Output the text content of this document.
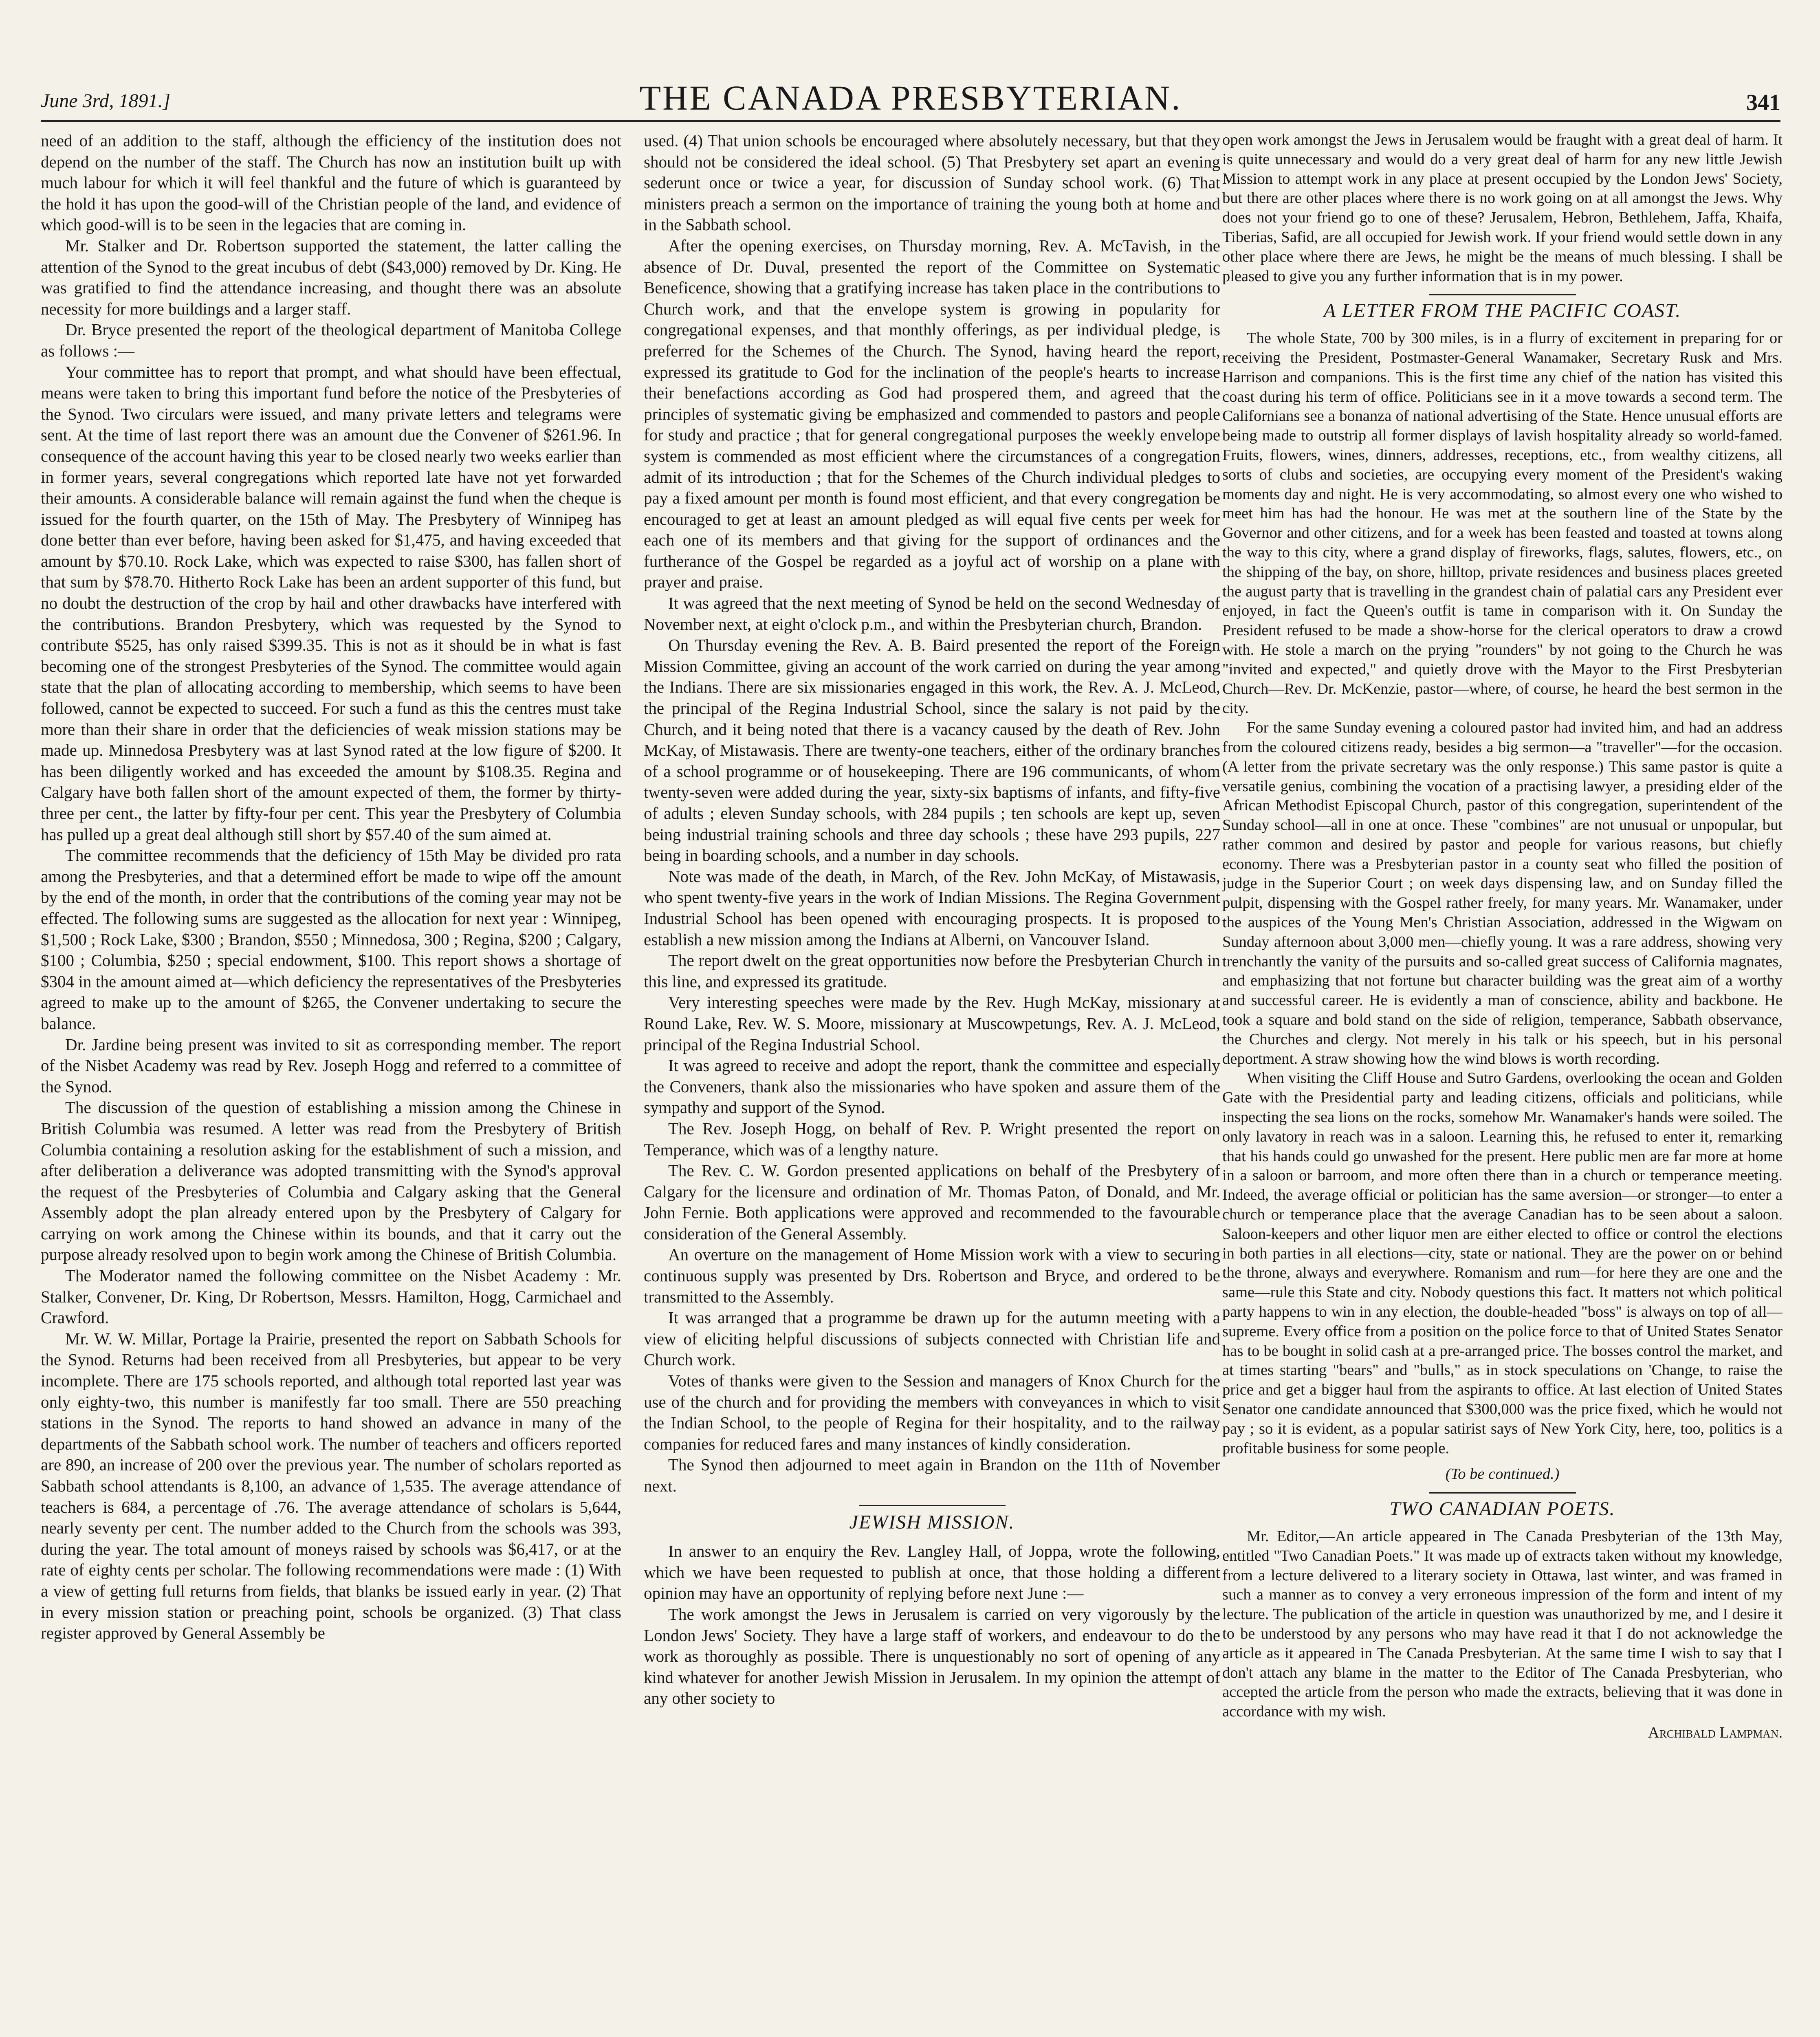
June 3rd, 1891.]	THE CANADA PRESBYTERIAN.	341

need of an addition to the staff, although the efficiency of the institution does not depend on the number of the staff. The Church has now an institution built up with much labour for which it will feel thankful and the future of which is guaranteed by the hold it has upon the good-will of the Christian people of the land, and evidence of which good-will is to be seen in the legacies that are coming in.

Mr. Stalker and Dr. Robertson supported the statement, the latter calling the attention of the Synod to the great incubus of debt ($43,000) removed by Dr. King. He was gratified to find the attendance increasing, and thought there was an absolute necessity for more buildings and a larger staff.

Dr. Bryce presented the report of the theological department of Manitoba College as follows :—

Your committee has to report that prompt, and what should have been effectual, means were taken to bring this important fund before the notice of the Presbyteries of the Synod. Two circulars were issued, and many private letters and telegrams were sent. At the time of last report there was an amount due the Convener of $261.96. In consequence of the account having this year to be closed nearly two weeks earlier than in former years, several congregations which reported late have not yet forwarded their amounts. A considerable balance will remain against the fund when the cheque is issued for the fourth quarter, on the 15th of May. The Presbytery of Winnipeg has done better than ever before, having been asked for $1,475, and having exceeded that amount by $70.10. Rock Lake, which was expected to raise $300, has fallen short of that sum by $78.70. Hitherto Rock Lake has been an ardent supporter of this fund, but no doubt the destruction of the crop by hail and other drawbacks have interfered with the contributions. Brandon Presbytery, which was requested by the Synod to contribute $525, has only raised $399.35. This is not as it should be in what is fast becoming one of the strongest Presbyteries of the Synod. The committee would again state that the plan of allocating according to membership, which seems to have been followed, cannot be expected to succeed. For such a fund as this the centres must take more than their share in order that the deficiencies of weak mission stations may be made up. Minnedosa Presbytery was at last Synod rated at the low figure of $200. It has been diligently worked and has exceeded the amount by $108.35. Regina and Calgary have both fallen short of the amount expected of them, the former by thirty-three per cent., the latter by fifty-four per cent. This year the Presbytery of Columbia has pulled up a great deal although still short by $57.40 of the sum aimed at.

The committee recommends that the deficiency of 15th May be divided pro rata among the Presbyteries, and that a determined effort be made to wipe off the amount by the end of the month, in order that the contributions of the coming year may not be effected. The following sums are suggested as the allocation for next year : Winnipeg, $1,500 ; Rock Lake, $300 ; Brandon, $550 ; Minnedosa, 300 ; Regina, $200 ; Calgary, $100 ; Columbia, $250 ; special endowment, $100. This report shows a shortage of $304 in the amount aimed at—which deficiency the representatives of the Presbyteries agreed to make up to the amount of $265, the Convener undertaking to secure the balance.

Dr. Jardine being present was invited to sit as corresponding member. The report of the Nisbet Academy was read by Rev. Joseph Hogg and referred to a committee of the Synod.

The discussion of the question of establishing a mission among the Chinese in British Columbia was resumed. A letter was read from the Presbytery of British Columbia containing a resolution asking for the establishment of such a mission, and after deliberation a deliverance was adopted transmitting with the Synod's approval the request of the Presbyteries of Columbia and Calgary asking that the General Assembly adopt the plan already entered upon by the Presbytery of Calgary for carrying on work among the Chinese within its bounds, and that it carry out the purpose already resolved upon to begin work among the Chinese of British Columbia.

The Moderator named the following committee on the Nisbet Academy : Mr. Stalker, Convener, Dr. King, Dr Robertson, Messrs. Hamilton, Hogg, Carmichael and Crawford.

Mr. W. W. Millar, Portage la Prairie, presented the report on Sabbath Schools for the Synod. Returns had been received from all Presbyteries, but appear to be very incomplete. There are 175 schools reported, and although total reported last year was only eighty-two, this number is manifestly far too small. There are 550 preaching stations in the Synod. The reports to hand showed an advance in many of the departments of the Sabbath school work. The number of teachers and officers reported are 890, an increase of 200 over the previous year. The number of scholars reported as Sabbath school attendants is 8,100, an advance of 1,535. The average attendance of teachers is 684, a percentage of .76. The average attendance of scholars is 5,644, nearly seventy per cent. The number added to the Church from the schools was 393, during the year. The total amount of moneys raised by schools was $6,417, or at the rate of eighty cents per scholar. The following recommendations were made : (1) With a view of getting full returns from fields, that blanks be issued early in year. (2) That in every mission station or preaching point, schools be organized. (3) That class register approved by General Assembly be

used. (4) That union schools be encouraged where absolutely necessary, but that they should not be considered the ideal school. (5) That Presbytery set apart an evening sederunt once or twice a year, for discussion of Sunday school work. (6) That ministers preach a sermon on the importance of training the young both at home and in the Sabbath school.

After the opening exercises, on Thursday morning, Rev. A. McTavish, in the absence of Dr. Duval, presented the report of the Committee on Systematic Beneficence, showing that a gratifying increase has taken place in the contributions to Church work, and that the envelope system is growing in popularity for congregational expenses, and that monthly offerings, as per individual pledge, is preferred for the Schemes of the Church. The Synod, having heard the report, expressed its gratitude to God for the inclination of the people's hearts to increase their benefactions according as God had prospered them, and agreed that the principles of systematic giving be emphasized and commended to pastors and people for study and practice ; that for general congregational purposes the weekly envelope system is commended as most efficient where the circumstances of a congregation admit of its introduction ; that for the Schemes of the Church individual pledges to pay a fixed amount per month is found most efficient, and that every congregation be encouraged to get at least an amount pledged as will equal five cents per week for each one of its members and that giving for the support of ordinances and the furtherance of the Gospel be regarded as a joyful act of worship on a plane with prayer and praise.

It was agreed that the next meeting of Synod be held on the second Wednesday of November next, at eight o'clock p.m., and within the Presbyterian church, Brandon.

On Thursday evening the Rev. A. B. Baird presented the report of the Foreign Mission Committee, giving an account of the work carried on during the year among the Indians. There are six missionaries engaged in this work, the Rev. A. J. McLeod, the principal of the Regina Industrial School, since the salary is not paid by the Church, and it being noted that there is a vacancy caused by the death of Rev. John McKay, of Mistawasis. There are twenty-one teachers, either of the ordinary branches of a school programme or of housekeeping. There are 196 communicants, of whom twenty-seven were added during the year, sixty-six baptisms of infants, and fifty-five of adults ; eleven Sunday schools, with 284 pupils ; ten schools are kept up, seven being industrial training schools and three day schools ; these have 293 pupils, 227 being in boarding schools, and a number in day schools.

Note was made of the death, in March, of the Rev. John McKay, of Mistawasis, who spent twenty-five years in the work of Indian Missions. The Regina Government Industrial School has been opened with encouraging prospects. It is proposed to establish a new mission among the Indians at Alberni, on Vancouver Island.

The report dwelt on the great opportunities now before the Presbyterian Church in this line, and expressed its gratitude.

Very interesting speeches were made by the Rev. Hugh McKay, missionary at Round Lake, Rev. W. S. Moore, missionary at Muscowpetungs, Rev. A. J. McLeod, principal of the Regina Industrial School.

It was agreed to receive and adopt the report, thank the committee and especially the Conveners, thank also the missionaries who have spoken and assure them of the sympathy and support of the Synod.

The Rev. Joseph Hogg, on behalf of Rev. P. Wright presented the report on Temperance, which was of a lengthy nature.

The Rev. C. W. Gordon presented applications on behalf of the Presbytery of Calgary for the licensure and ordination of Mr. Thomas Paton, of Donald, and Mr. John Fernie. Both applications were approved and recommended to the favourable consideration of the General Assembly.

An overture on the management of Home Mission work with a view to securing continuous supply was presented by Drs. Robertson and Bryce, and ordered to be transmitted to the Assembly.

It was arranged that a programme be drawn up for the autumn meeting with a view of eliciting helpful discussions of subjects connected with Christian life and Church work.

Votes of thanks were given to the Session and managers of Knox Church for the use of the church and for providing the members with conveyances in which to visit the Indian School, to the people of Regina for their hospitality, and to the railway companies for reduced fares and many instances of kindly consideration.

The Synod then adjourned to meet again in Brandon on the 11th of November next.

JEWISH MISSION.

In answer to an enquiry the Rev. Langley Hall, of Joppa, wrote the following, which we have been requested to publish at once, that those holding a different opinion may have an opportunity of replying before next June :—

The work amongst the Jews in Jerusalem is carried on very vigorously by the London Jews' Society. They have a large staff of workers, and endeavour to do the work as thoroughly as possible. There is unquestionably no sort of opening of any kind whatever for another Jewish Mission in Jerusalem. In my opinion the attempt of any other society to

open work amongst the Jews in Jerusalem would be fraught with a great deal of harm. It is quite unnecessary and would do a very great deal of harm for any new little Jewish Mission to attempt work in any place at present occupied by the London Jews' Society, but there are other places where there is no work going on at all amongst the Jews. Why does not your friend go to one of these? Jerusalem, Hebron, Bethlehem, Jaffa, Khaifa, Tiberias, Safid, are all occupied for Jewish work. If your friend would settle down in any other place where there are Jews, he might be the means of much blessing. I shall be pleased to give you any further information that is in my power.

A LETTER FROM THE PACIFIC COAST.

The whole State, 700 by 300 miles, is in a flurry of excitement in preparing for or receiving the President, Postmaster-General Wanamaker, Secretary Rusk and Mrs. Harrison and companions. This is the first time any chief of the nation has visited this coast during his term of office. Politicians see in it a move towards a second term. The Californians see a bonanza of national advertising of the State. Hence unusual efforts are being made to outstrip all former displays of lavish hospitality already so world-famed. Fruits, flowers, wines, dinners, addresses, receptions, etc., from wealthy citizens, all sorts of clubs and societies, are occupying every moment of the President's waking moments day and night. He is very accommodating, so almost every one who wished to meet him has had the honour. He was met at the southern line of the State by the Governor and other citizens, and for a week has been feasted and toasted at towns along the way to this city, where a grand display of fireworks, flags, salutes, flowers, etc., on the shipping of the bay, on shore, hilltop, private residences and business places greeted the august party that is travelling in the grandest chain of palatial cars any President ever enjoyed, in fact the Queen's outfit is tame in comparison with it. On Sunday the President refused to be made a show-horse for the clerical operators to draw a crowd with. He stole a march on the prying "rounders" by not going to the Church he was "invited and expected," and quietly drove with the Mayor to the First Presbyterian Church—Rev. Dr. McKenzie, pastor—where, of course, he heard the best sermon in the city.

For the same Sunday evening a coloured pastor had invited him, and had an address from the coloured citizens ready, besides a big sermon—a "traveller"—for the occasion. (A letter from the private secretary was the only response.) This same pastor is quite a versatile genius, combining the vocation of a practising lawyer, a presiding elder of the African Methodist Episcopal Church, pastor of this congregation, superintendent of the Sunday school—all in one at once. These "combines" are not unusual or unpopular, but rather common and desired by pastor and people for various reasons, but chiefly economy. There was a Presbyterian pastor in a county seat who filled the position of judge in the Superior Court ; on week days dispensing law, and on Sunday filled the pulpit, dispensing with the Gospel rather freely, for many years. Mr. Wanamaker, under the auspices of the Young Men's Christian Association, addressed in the Wigwam on Sunday afternoon about 3,000 men—chiefly young. It was a rare address, showing very trenchantly the vanity of the pursuits and so-called great success of California magnates, and emphasizing that not fortune but character building was the great aim of a worthy and successful career. He is evidently a man of conscience, ability and backbone. He took a square and bold stand on the side of religion, temperance, Sabbath observance, the Churches and clergy. Not merely in his talk or his speech, but in his personal deportment. A straw showing how the wind blows is worth recording.

When visiting the Cliff House and Sutro Gardens, overlooking the ocean and Golden Gate with the Presidential party and leading citizens, officials and politicians, while inspecting the sea lions on the rocks, somehow Mr. Wanamaker's hands were soiled. The only lavatory in reach was in a saloon. Learning this, he refused to enter it, remarking that his hands could go unwashed for the present. Here public men are far more at home in a saloon or barroom, and more often there than in a church or temperance meeting. Indeed, the average official or politician has the same aversion—or stronger—to enter a church or temperance place that the average Canadian has to be seen about a saloon. Saloon-keepers and other liquor men are either elected to office or control the elections in both parties in all elections—city, state or national. They are the power on or behind the throne, always and everywhere. Romanism and rum—for here they are one and the same—rule this State and city. Nobody questions this fact. It matters not which political party happens to win in any election, the double-headed "boss" is always on top of all—supreme. Every office from a position on the police force to that of United States Senator has to be bought in solid cash at a pre-arranged price. The bosses control the market, and at times starting "bears" and "bulls," as in stock speculations on 'Change, to raise the price and get a bigger haul from the aspirants to office. At last election of United States Senator one candidate announced that $300,000 was the price fixed, which he would not pay ; so it is evident, as a popular satirist says of New York City, here, too, politics is a profitable business for some people.

(To be continued.)
TWO CANADIAN POETS.

Mr. Editor,—An article appeared in The Canada Presbyterian of the 13th May, entitled "Two Canadian Poets." It was made up of extracts taken without my knowledge, from a lecture delivered to a literary society in Ottawa, last winter, and was framed in such a manner as to convey a very erroneous impression of the form and intent of my lecture. The publication of the article in question was unauthorized by me, and I desire it to be understood by any persons who may have read it that I do not acknowledge the article as it appeared in The Canada Presbyterian. At the same time I wish to say that I don't attach any blame in the matter to the Editor of The Canada Presbyterian, who accepted the article from the person who made the extracts, believing that it was done in accordance with my wish.

Archibald Lampman.
